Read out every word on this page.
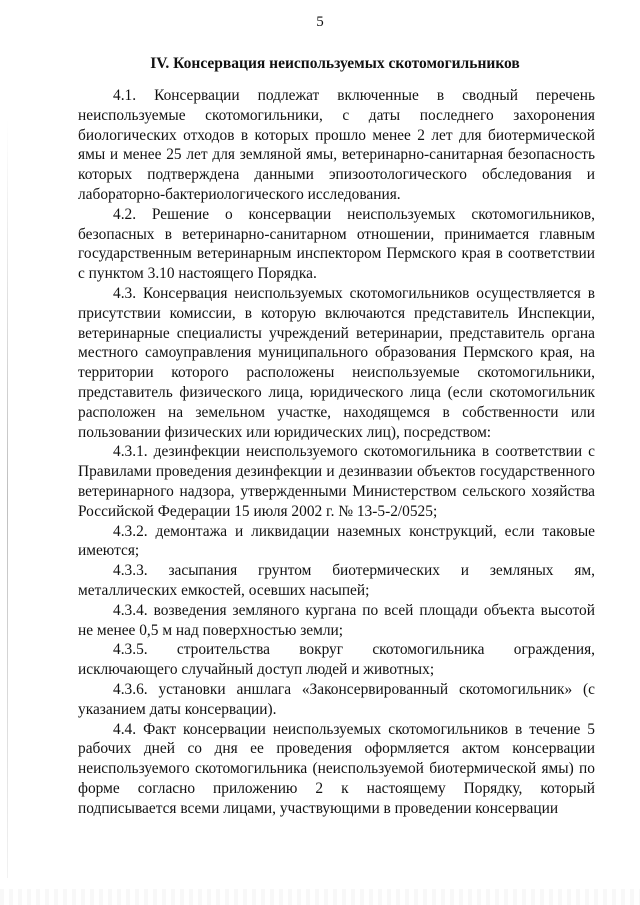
5
IV. Консервация неиспользуемых скотомогильников

4.1. Консервации подлежат включенные в сводный перечень неиспользуемые скотомогильники, с даты последнего захоронения биологических отходов в которых прошло менее 2 лет для биотермической ямы и менее 25 лет для земляной ямы, ветеринарно-санитарная безопасность которых подтверждена данными эпизоотологического обследования и лабораторно-бактериологического исследования.

4.2. Решение о консервации неиспользуемых скотомогильников, безопасных в ветеринарно-санитарном отношении, принимается главным государственным ветеринарным инспектором Пермского края в соответствии с пунктом 3.10 настоящего Порядка.

4.3. Консервация неиспользуемых скотомогильников осуществляется в присутствии комиссии, в которую включаются представитель Инспекции, ветеринарные специалисты учреждений ветеринарии, представитель органа местного самоуправления муниципального образования Пермского края, на территории которого расположены неиспользуемые скотомогильники, представитель физического лица, юридического лица (если скотомогильник расположен на земельном участке, находящемся в собственности или пользовании физических или юридических лиц), посредством:

4.3.1. дезинфекции неиспользуемого скотомогильника в соответствии с Правилами проведения дезинфекции и дезинвазии объектов государственного ветеринарного надзора, утвержденными Министерством сельского хозяйства Российской Федерации 15 июля 2002 г. № 13-5-2/0525;

4.3.2. демонтажа и ликвидации наземных конструкций, если таковые имеются;

4.3.3. засыпания грунтом биотермических и земляных ям, металлических емкостей, осевших насыпей;

4.3.4. возведения земляного кургана по всей площади объекта высотой не менее 0,5 м над поверхностью земли;

4.3.5. строительства вокруг скотомогильника ограждения, исключающего случайный доступ людей и животных;

4.3.6. установки аншлага «Законсервированный скотомогильник» (с указанием даты консервации).

4.4. Факт консервации неиспользуемых скотомогильников в течение 5 рабочих дней со дня ее проведения оформляется актом консервации неиспользуемого скотомогильника (неиспользуемой биотермической ямы) по форме согласно приложению 2 к настоящему Порядку, который подписывается всеми лицами, участвующими в проведении консервации
